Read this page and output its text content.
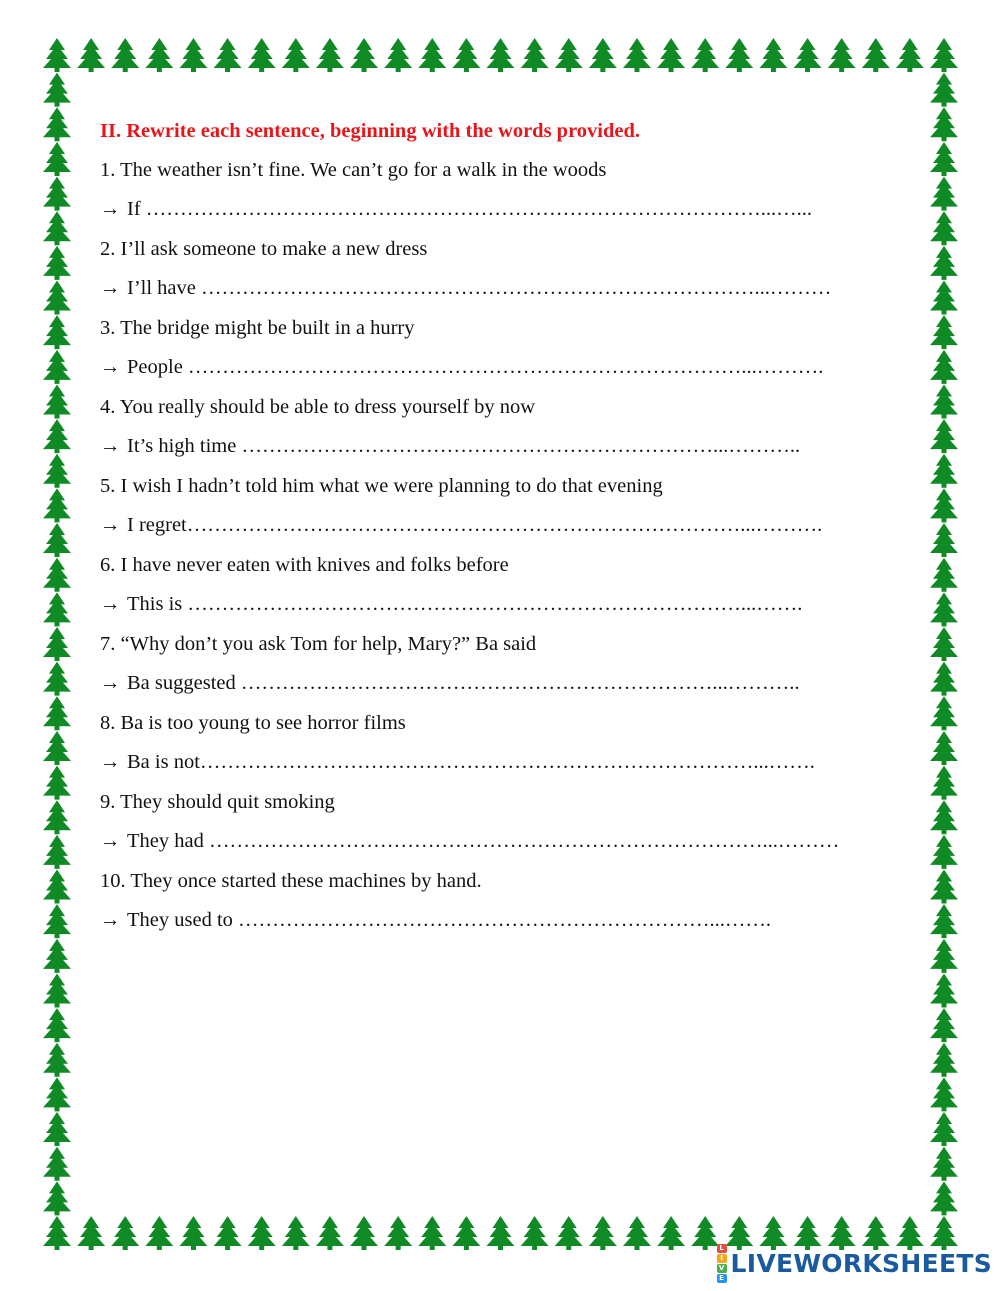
II. Rewrite each sentence, beginning with the words provided.
1. The weather isn’t fine. We can’t go for a walk in the woods
→ If ………………………………………………………………………………...…...
2. I’ll ask someone to make a new dress
→ I’ll have ………………………………………………………………………...………
3. The bridge might be built in a hurry
→ People ………………………………………………………………………...……….
4. You really should be able to dress yourself by now
→ It’s high time ……………………………………………………………...………..
5. I wish I hadn’t told him what we were planning to do that evening
→ I regret………………………………………………………………………...……….
6. I have never eaten with knives and folks before
→ This is ………………………………………………………………………...…….
7. “Why don’t you ask Tom for help, Mary?” Ba said
→ Ba suggested ……………………………………………………………...………..
8. Ba is too young to see horror films
→ Ba is not………………………………………………………………………...…….
9. They should quit smoking
→ They had ………………………………………………………………………...………
10. They once started these machines by hand.
→ They used to ……………………………………………………………...…….
L
I
V
E LIVEWORKSHEETS
